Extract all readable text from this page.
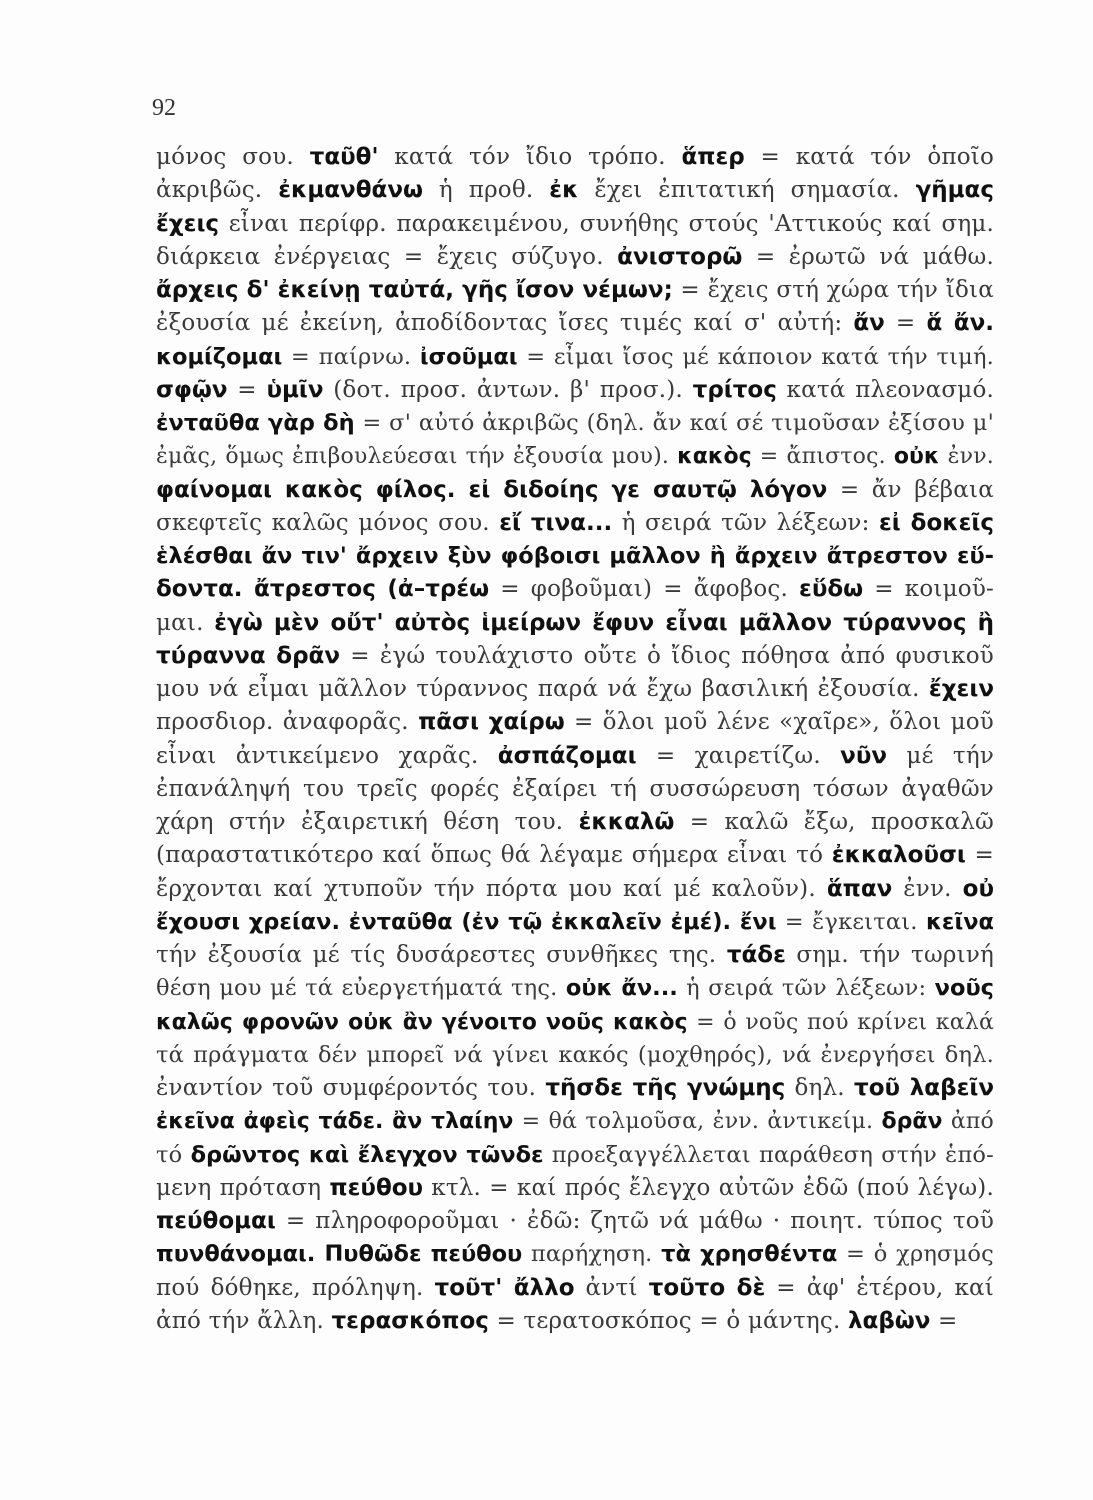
92
μόνος σου. ταῦθ' κατά τόν ἴδιο τρόπο. ἅπερ = κατά τόν ὁποῖο
ἀκριβῶς. ἐκμανθάνω ἡ προθ. ἐκ ἔχει ἐπιτατική σημασία. γῆμας
ἔχεις εἶναι περίφρ. παρακειμένου, συνήθης στούς 'Αττικούς καί σημ.
διάρκεια ἐνέργειας = ἔχεις σύζυγο. ἀνιστορῶ = ἐρωτῶ νά μάθω.
ἄρχεις δ' ἐκείνῃ ταὐτά, γῆς ἴσον νέμων; = ἔχεις στή χώρα τήν ἴδια
ἐξουσία μέ ἐκείνη, ἀποδίδοντας ἴσες τιμές καί σ' αὐτή: ἄν = ἅ ἄν.
κομίζομαι = παίρνω. ἰσοῦμαι = εἶμαι ἴσος μέ κάποιον κατά τήν τιμή.
σφῷν = ὑμῖν (δοτ. προσ. ἀντων. β' προσ.). τρίτος κατά πλεονασμό.
ἐνταῦθα γὰρ δὴ = σ' αὐτό ἀκριβῶς (δηλ. ἄν καί σέ τιμοῦσαν ἐξίσου μ'
ἐμᾶς, ὅμως ἐπιβουλεύεσαι τήν ἐξουσία μου). κακὸς = ἄπιστος. οὐκ ἐνν.
φαίνομαι κακὸς φίλος. εἰ διδοίης γε σαυτῷ λόγον = ἄν βέβαια
σκεφτεῖς καλῶς μόνος σου. εἴ τινα... ἡ σειρά τῶν λέξεων: εἰ δοκεῖς
ἑλέσθαι ἄν τιν' ἄρχειν ξὺν φόβοισι μᾶλλον ἢ ἄρχειν ἄτρεστον εὕ-
δοντα. ἄτρεστος (ἀ–τρέω = φοβοῦμαι) = ἄφοβος. εὕδω = κοιμοῦ-
μαι. ἐγὼ μὲν οὔτ' αὐτὸς ἱμείρων ἔφυν εἶναι μᾶλλον τύραννος ἢ
τύραννα δρᾶν = ἐγώ τουλάχιστο οὔτε ὁ ἴδιος πόθησα ἀπό φυσικοῦ
μου νά εἶμαι μᾶλλον τύραννος παρά νά ἔχω βασιλική ἐξουσία. ἔχειν
προσδιορ. ἀναφορᾶς. πᾶσι χαίρω = ὅλοι μοῦ λένε «χαῖρε», ὅλοι μοῦ
εἶναι ἀντικείμενο χαρᾶς. ἀσπάζομαι = χαιρετίζω. νῦν μέ τήν
ἐπανάληψή του τρεῖς φορές ἐξαίρει τή συσσώρευση τόσων ἀγαθῶν
χάρη στήν ἐξαιρετική θέση του. ἐκκαλῶ = καλῶ ἔξω, προσκαλῶ
(παραστατικότερο καί ὅπως θά λέγαμε σήμερα εἶναι τό ἐκκαλοῦσι =
ἔρχονται καί χτυποῦν τήν πόρτα μου καί μέ καλοῦν). ἅπαν ἐνν. οὐ
ἔχουσι χρείαν. ἐνταῦθα (ἐν τῷ ἐκκαλεῖν ἐμέ). ἔνι = ἔγκειται. κεῖνα
τήν ἐξουσία μέ τίς δυσάρεστες συνθῆκες της. τάδε σημ. τήν τωρινή
θέση μου μέ τά εὐεργετήματά της. οὐκ ἄν... ἡ σειρά τῶν λέξεων: νοῦς
καλῶς φρονῶν οὐκ ἂν γένοιτο νοῦς κακὸς = ὁ νοῦς πού κρίνει καλά
τά πράγματα δέν μπορεῖ νά γίνει κακός (μοχθηρός), νά ἐνεργήσει δηλ.
ἐναντίον τοῦ συμφέροντός του. τῆσδε τῆς γνώμης δηλ. τοῦ λαβεῖν
ἐκεῖνα ἀφεὶς τάδε. ἂν τλαίην = θά τολμοῦσα, ἐνν. ἀντικείμ. δρᾶν ἀπό
τό δρῶντος καὶ ἔλεγχον τῶνδε προεξαγγέλλεται παράθεση στήν ἑπό-
μενη πρόταση πεύθου κτλ. = καί πρός ἔλεγχο αὐτῶν ἐδῶ (πού λέγω).
πεύθομαι = πληροφοροῦμαι · ἐδῶ: ζητῶ νά μάθω · ποιητ. τύπος τοῦ
πυνθάνομαι. Πυθῶδε πεύθου παρήχηση. τὰ χρησθέντα = ὁ χρησμός
πού δόθηκε, πρόληψη. τοῦτ' ἄλλο ἀντί τοῦτο δὲ = ἀφ' ἑτέρου, καί
ἀπό τήν ἄλλη. τερασκόπος = τερατοσκόπος = ὁ μάντης. λαβὼν =
